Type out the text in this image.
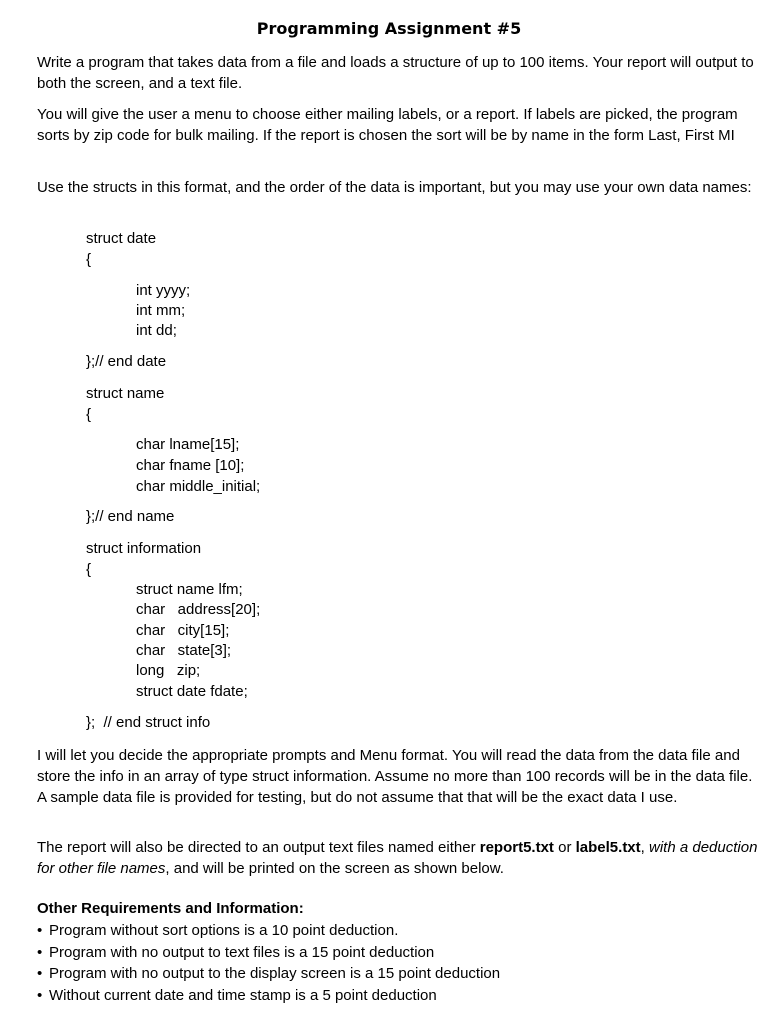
Programming Assignment #5

Write a program that takes data from a file and loads a structure of up to 100 items. Your report will output to both the screen, and a text file.

You will give the user a menu to choose either mailing labels, or a report. If labels are picked, the program sorts by zip code for bulk mailing. If the report is chosen the sort will be by name in the form Last, First MI

Use the structs in this format, and the order of the data is important, but you may use your own data names:

struct date
{
int yyyy;
int mm;
int dd;
};// end date
struct name
{
char lname[15];
char fname [10];
char middle_initial;
};// end name
struct information
{
struct name lfm;
char   address[20];
char   city[15];
char   state[3];
long   zip;
struct date fdate;
};  // end struct info

I will let you decide the appropriate prompts and Menu format. You will read the data from the data file and store the info in an array of type struct information. Assume no more than 100 records will be in the data file. A sample data file is provided for testing, but do not assume that that will be the exact data I use.

The report will also be directed to an output text files named either report5.txt or label5.txt, with a deduction for other file names, and will be printed on the screen as shown below.

Other Requirements and Information:
• Program without sort options is a 10 point deduction.
• Program with no output to text files is a 15 point deduction
• Program with no output to the display screen is a 15 point deduction
• Without current date and time stamp is a 5 point deduction
